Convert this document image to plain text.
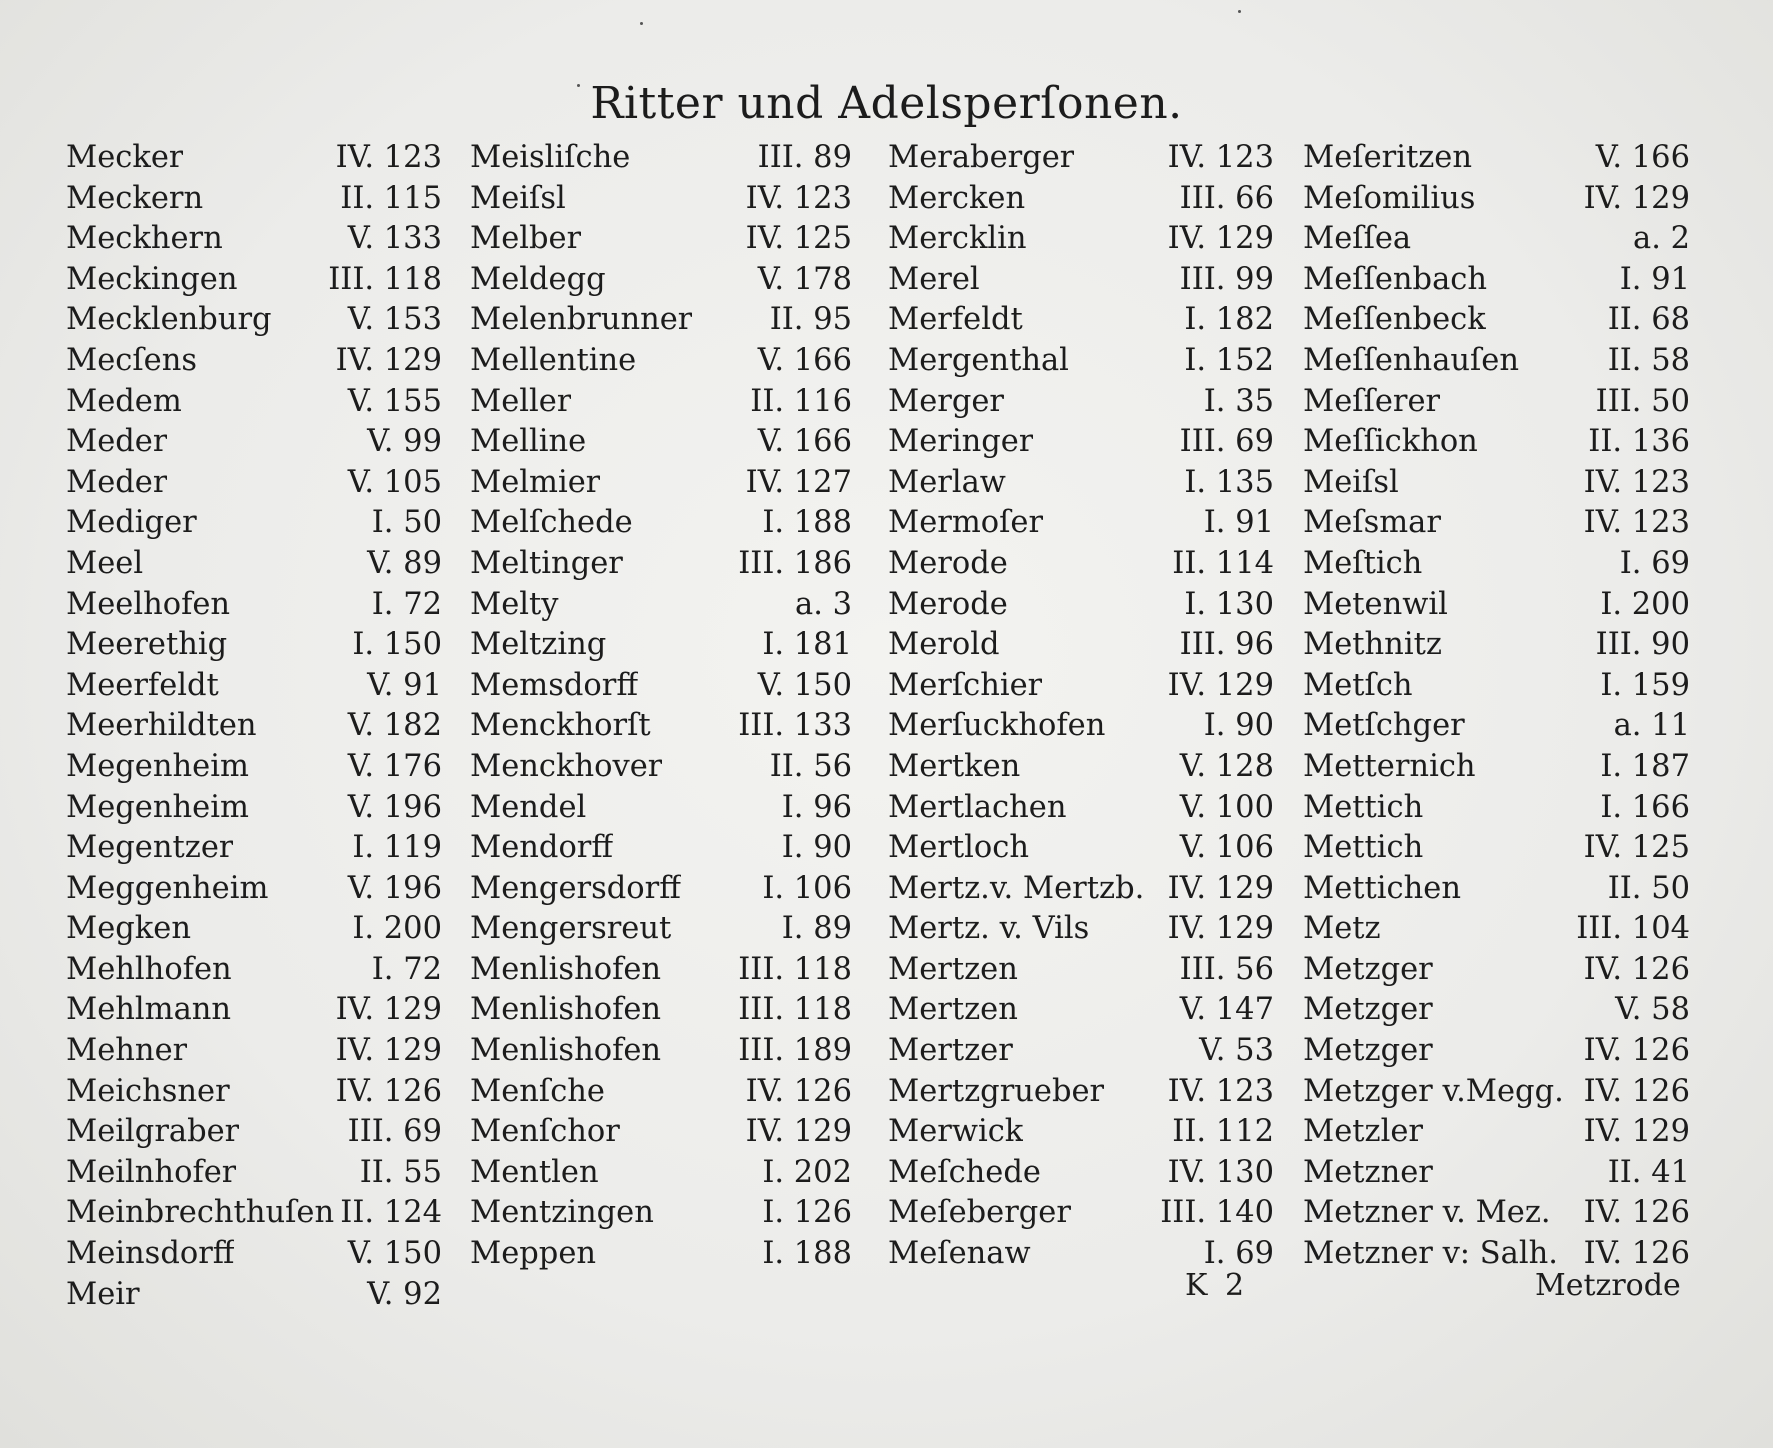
Ritter und Adelsperſonen.
Mecker	IV. 123
Meckern	II. 115
Meckhern	V. 133
Meckingen	III. 118
Mecklenburg V. 153
Mecſens	IV. 129
Medem	V. 155
Meder	V. 99
Meder	V. 105
Mediger	I. 50
Meel	V. 89
Meelhofen	I. 72
Meerethig	I. 150
Meerfeldt	V. 91
Meerhildten	V. 182
Megenheim	V. 176
Megenheim	V. 196
Megentzer	I. 119
Meggenheim	V. 196
Megken	I. 200
Mehlhofen	I. 72
Mehlmann	IV. 129
Mehner	IV. 129
Meichsner	IV. 126
Meilgraber	III. 69
Meilnhofer	II. 55
Meinbrechthuſen II. 124
Meinsdorff	V. 150
Meir	V. 92
Meisliſche	III. 89
Meiſsl	IV. 123
Melber	IV. 125
Meldegg	V. 178
Melenbrunner	II. 95
Mellentine	V. 166
Meller	II. 116
Melline	V. 166
Melmier	IV. 127
Melſchede	I. 188
Meltinger	III. 186
Melty	a. 3
Meltzing	I. 181
Memsdorff	V. 150
Menckhorſt	III. 133
Menckhover	II. 56
Mendel	I. 96
Mendorff	I. 90
Mengersdorff	I. 106
Mengersreut	I. 89
Menlishofen	III. 118
Menlishofen	III. 118
Menlishofen	III. 189
Menſche	IV. 126
Menſchor	IV. 129
Mentlen	I. 202
Mentzingen	I. 126
Meppen	I. 188
Meraberger	IV. 123
Mercken	III. 66
Mercklin	IV. 129
Merel	III. 99
Merfeldt	I. 182
Mergenthal	I. 152
Merger	I. 35
Meringer	III. 69
Merlaw	I. 135
Mermoſer	I. 91
Merode	II. 114
Merode	I. 130
Merold	III. 96
Merſchier	IV. 129
Merſuckhofen	I. 90
Mertken	V. 128
Mertlachen	V. 100
Mertloch	V. 106
Mertz.v. Mertzb. IV. 129
Mertz. v. Vils	IV. 129
Mertzen	III. 56
Mertzen	V. 147
Mertzer	V. 53
Mertzgrueber IV. 123
Merwick	II. 112
Meſchede	IV. 130
Meſeberger	III. 140
Meſenaw	I. 69
Meſeritzen	V. 166
Meſomilius	IV. 129
Meſſea	a. 2
Meſſenbach	I. 91
Meſſenbeck	II. 68
Meſſenhauſen	II. 58
Meſſerer	III. 50
Meſſickhon	II. 136
Meiſsl	IV. 123
Meſsmar	IV. 123
Meſtich	I. 69
Metenwil	I. 200
Methnitz	III. 90
Metſch	I. 159
Metſchger	a. 11
Metternich	I. 187
Mettich	I. 166
Mettich	IV. 125
Mettichen	II. 50
Metz	III. 104
Metzger	IV. 126
Metzger	V. 58
Metzger	IV. 126
Metzger v.Megg. IV. 126
Metzler	IV. 129
Metzner	II. 41
Metzner v. Mez. IV. 126
Metzner v: Salh. IV. 126
K 2	Metzrode
